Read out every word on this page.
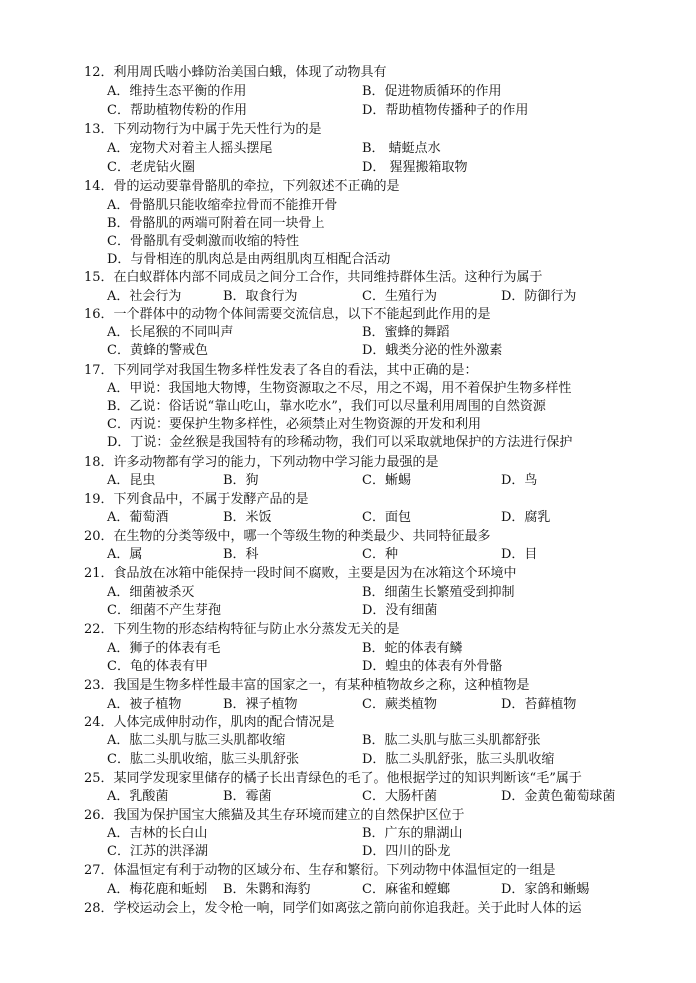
12．利用周氏啮小蜂防治美国白蛾，体现了动物具有
A．维持生态平衡的作用	B．促进物质循环的作用
C．帮助植物传粉的作用	D．帮助植物传播种子的作用
13．下列动物行为中属于先天性行为的是
A．宠物犬对着主人摇头摆尾	B． 蜻蜓点水
C．老虎钻火圈	D． 猩猩搬箱取物
14．骨的运动要靠骨骼肌的牵拉，下列叙述不正确的是
A．骨骼肌只能收缩牵拉骨而不能推开骨
B．骨骼肌的两端可附着在同一块骨上
C．骨骼肌有受刺激而收缩的特性
D．与骨相连的肌肉总是由两组肌肉互相配合活动
15．在白蚁群体内部不同成员之间分工合作，共同维持群体生活。这种行为属于
A．社会行为	B．取食行为	C．生殖行为	D．防御行为
16．一个群体中的动物个体间需要交流信息，以下不能起到此作用的是
A．长尾猴的不同叫声	B．蜜蜂的舞蹈
C．黄蜂的警戒色	D．蛾类分泌的性外激素
17．下列同学对我国生物多样性发表了各自的看法，其中正确的是：
A．甲说：我国地大物博，生物资源取之不尽，用之不竭，用不着保护生物多样性
B．乙说：俗话说“靠山吃山，靠水吃水”，我们可以尽量利用周围的自然资源
C．丙说：要保护生物多样性，必须禁止对生物资源的开发和利用
D．丁说：金丝猴是我国特有的珍稀动物，我们可以采取就地保护的方法进行保护
18．许多动物都有学习的能力，下列动物中学习能力最强的是
A．昆虫	B．狗	C．蜥蜴	D．鸟
19．下列食品中，不属于发酵产品的是
A．葡萄酒	B．米饭	C．面包	D．腐乳
20．在生物的分类等级中，哪一个等级生物的种类最少、共同特征最多
A．属	B．科	C．种	D．目
21．食品放在冰箱中能保持一段时间不腐败，主要是因为在冰箱这个环境中
A．细菌被杀灭	B．细菌生长繁殖受到抑制
C．细菌不产生芽孢	D．没有细菌
22．下列生物的形态结构特征与防止水分蒸发无关的是
A．狮子的体表有毛	B．蛇的体表有鳞
C．龟的体表有甲	D．蝗虫的体表有外骨骼
23．我国是生物多样性最丰富的国家之一，有某种植物故乡之称，这种植物是
A．被子植物	B．裸子植物	C．蕨类植物	D．苔藓植物
24．人体完成伸肘动作，肌肉的配合情况是
A．肱二头肌与肱三头肌都收缩	B．肱二头肌与肱三头肌都舒张
C．肱二头肌收缩，肱三头肌舒张	D．肱二头肌舒张，肱三头肌收缩
25．某同学发现家里储存的橘子长出青绿色的毛了。他根据学过的知识判断该“毛”属于
A．乳酸菌	B．霉菌	C．大肠杆菌	D．金黄色葡萄球菌
26．我国为保护国宝大熊猫及其生存环境而建立的自然保护区位于
A．吉林的长白山	B．广东的鼎湖山
C．江苏的洪泽湖	D．四川的卧龙
27．体温恒定有利于动物的区域分布、生存和繁衍。下列动物中体温恒定的一组是
A．梅花鹿和蚯蚓 B．朱鹮和海豹	C．麻雀和螳螂	D．家鸽和蜥蜴
28．学校运动会上，发令枪一响，同学们如离弦之箭向前你追我赶。关于此时人体的运
